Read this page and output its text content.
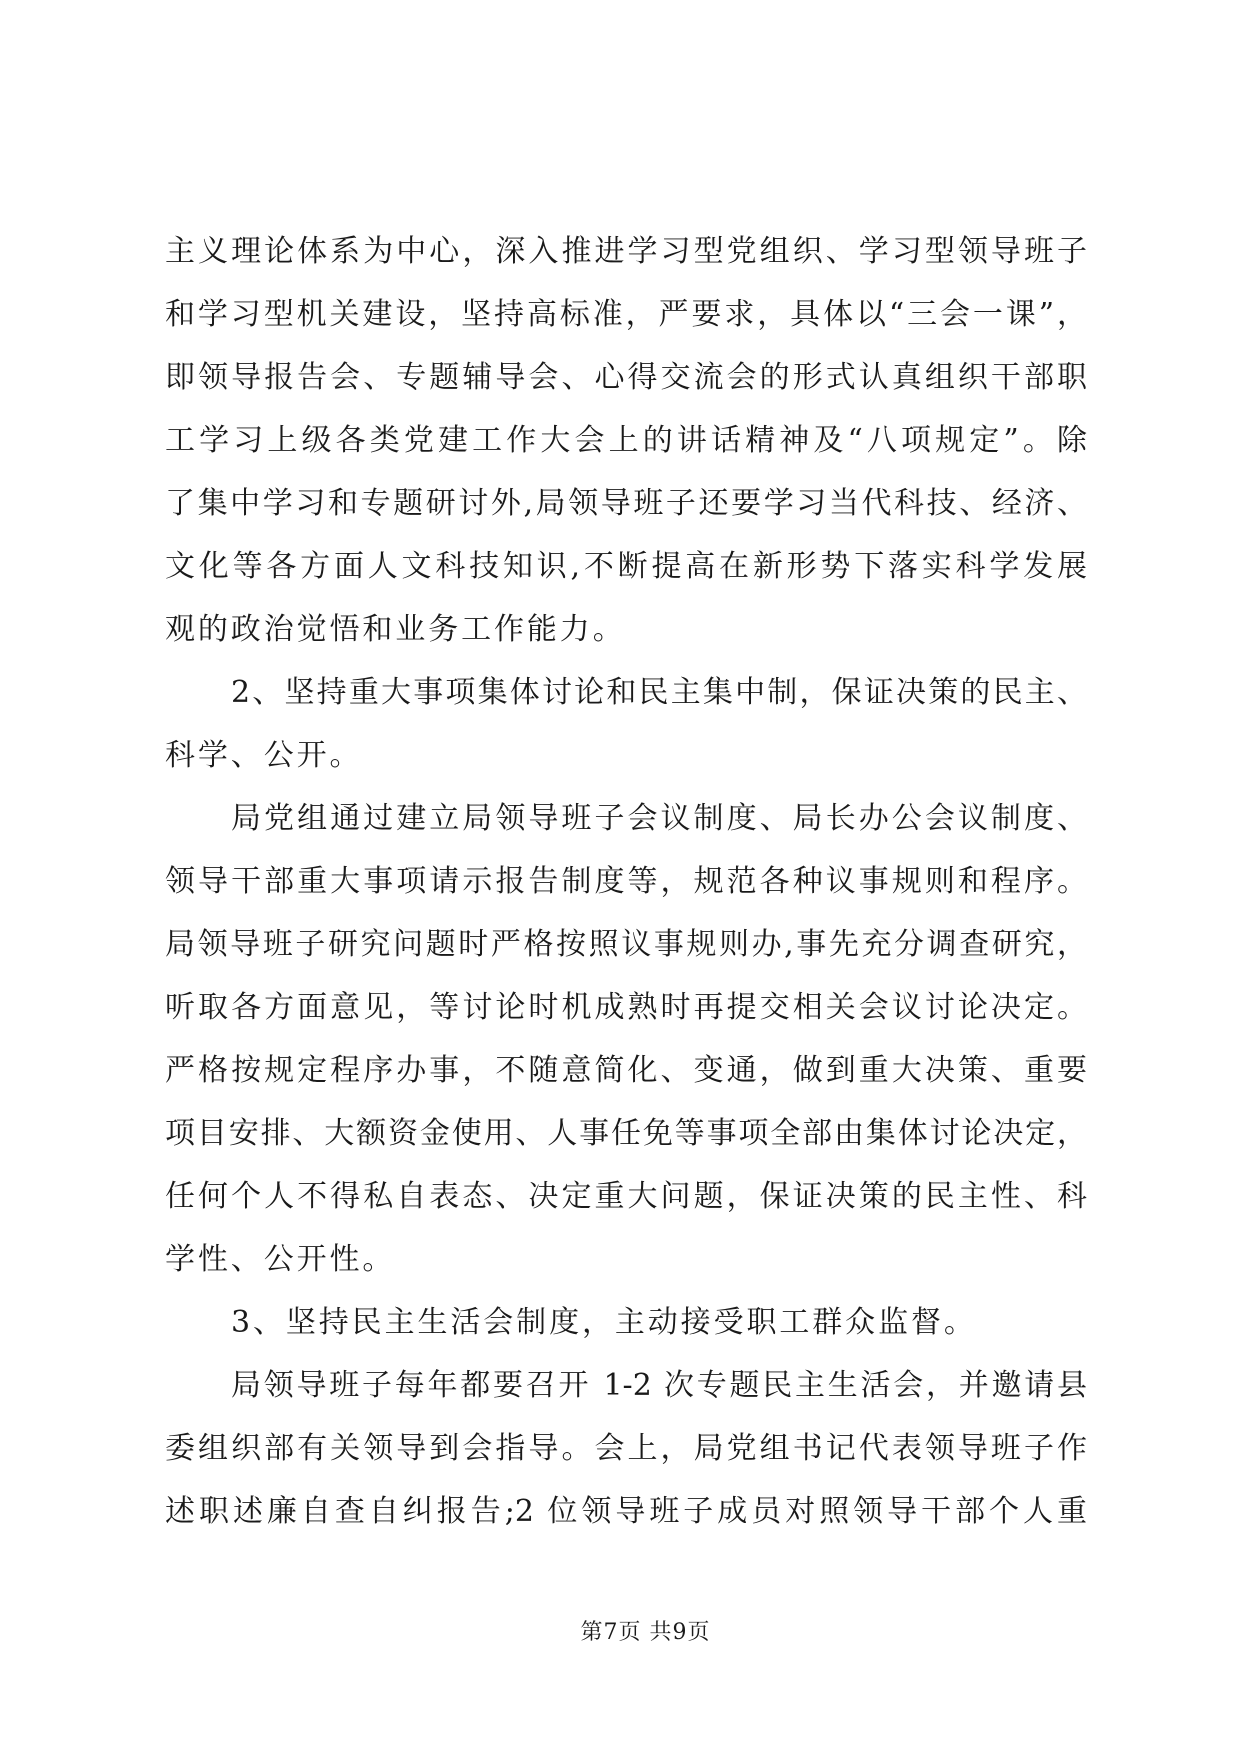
主义理论体系为中心，深入推进学习型党组织、学习型领导班子
和学习型机关建设，坚持高标准，严要求，具体以“三会一课”，
即领导报告会、专题辅导会、心得交流会的形式认真组织干部职
工学习上级各类党建工作大会上的讲话精神及“八项规定”。除
了集中学习和专题研讨外,局领导班子还要学习当代科技、经济、
文化等各方面人文科技知识,不断提高在新形势下落实科学发展
观的政治觉悟和业务工作能力。
2、坚持重大事项集体讨论和民主集中制，保证决策的民主、
科学、公开。
局党组通过建立局领导班子会议制度、局长办公会议制度、
领导干部重大事项请示报告制度等，规范各种议事规则和程序。
局领导班子研究问题时严格按照议事规则办,事先充分调查研究，
听取各方面意见，等讨论时机成熟时再提交相关会议讨论决定。
严格按规定程序办事，不随意简化、变通，做到重大决策、重要
项目安排、大额资金使用、人事任免等事项全部由集体讨论决定，
任何个人不得私自表态、决定重大问题，保证决策的民主性、科
学性、公开性。
3、坚持民主生活会制度，主动接受职工群众监督。
局领导班子每年都要召开 1-2 次专题民主生活会，并邀请县
委组织部有关领导到会指导。会上，局党组书记代表领导班子作
述职述廉自查自纠报告;2 位领导班子成员对照领导干部个人重
第7页 共9页
